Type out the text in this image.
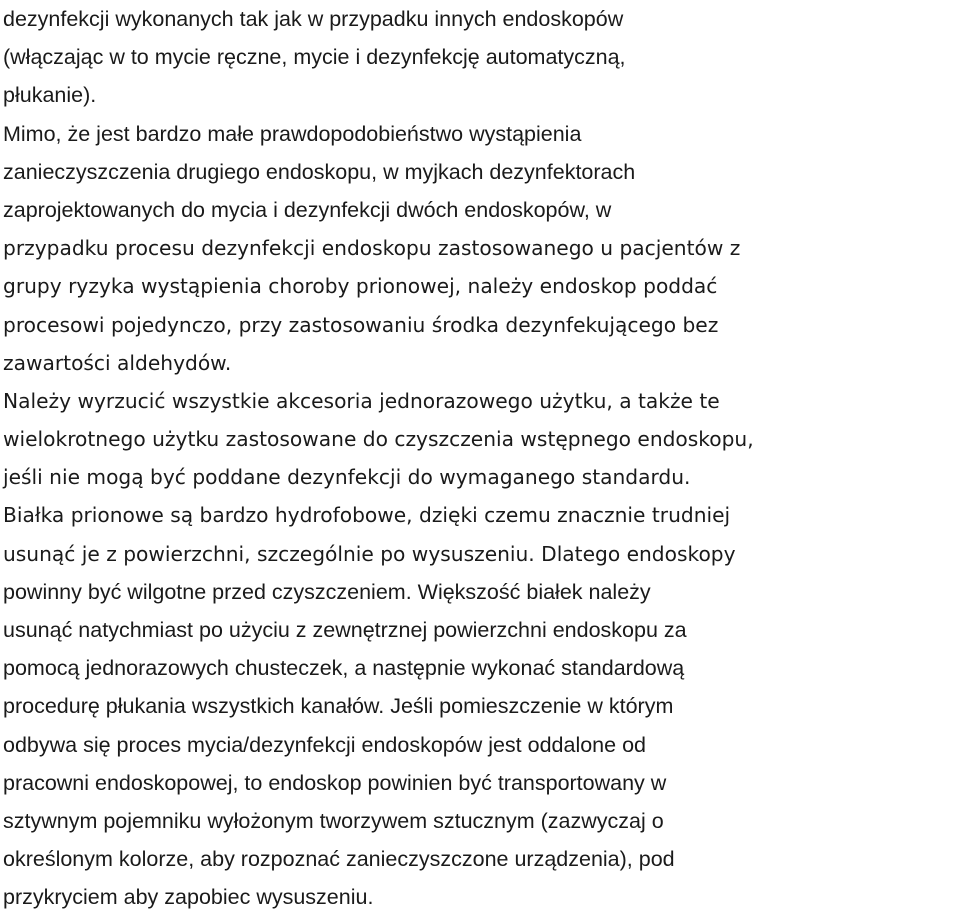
dezynfekcji wykonanych tak jak w przypadku innych endoskopów
(włączając w to mycie ręczne, mycie i dezynfekcję automatyczną,
płukanie).
Mimo, że jest bardzo małe prawdopodobieństwo wystąpienia
zanieczyszczenia drugiego endoskopu, w myjkach dezynfektorach
zaprojektowanych do mycia i dezynfekcji dwóch endoskopów, w
przypadku procesu dezynfekcji endoskopu zastosowanego u pacjentów z
grupy ryzyka wystąpienia choroby prionowej, należy endoskop poddać
procesowi pojedynczo, przy zastosowaniu środka dezynfekującego bez
zawartości aldehydów.
Należy wyrzucić wszystkie akcesoria jednorazowego użytku, a także te
wielokrotnego użytku zastosowane do czyszczenia wstępnego endoskopu,
jeśli nie mogą być poddane dezynfekcji do wymaganego standardu.
Białka prionowe są bardzo hydrofobowe, dzięki czemu znacznie trudniej
usunąć je z powierzchni, szczególnie po wysuszeniu. Dlatego endoskopy
powinny być wilgotne przed czyszczeniem. Większość białek należy
usunąć natychmiast po użyciu z zewnętrznej powierzchni endoskopu za
pomocą jednorazowych chusteczek, a następnie wykonać standardową
procedurę płukania wszystkich kanałów. Jeśli pomieszczenie w którym
odbywa się proces mycia/dezynfekcji endoskopów jest oddalone od
pracowni endoskopowej, to endoskop powinien być transportowany w
sztywnym pojemniku wyłożonym tworzywem sztucznym (zazwyczaj o
określonym kolorze, aby rozpoznać zanieczyszczone urządzenia), pod
przykryciem aby zapobiec wysuszeniu.
